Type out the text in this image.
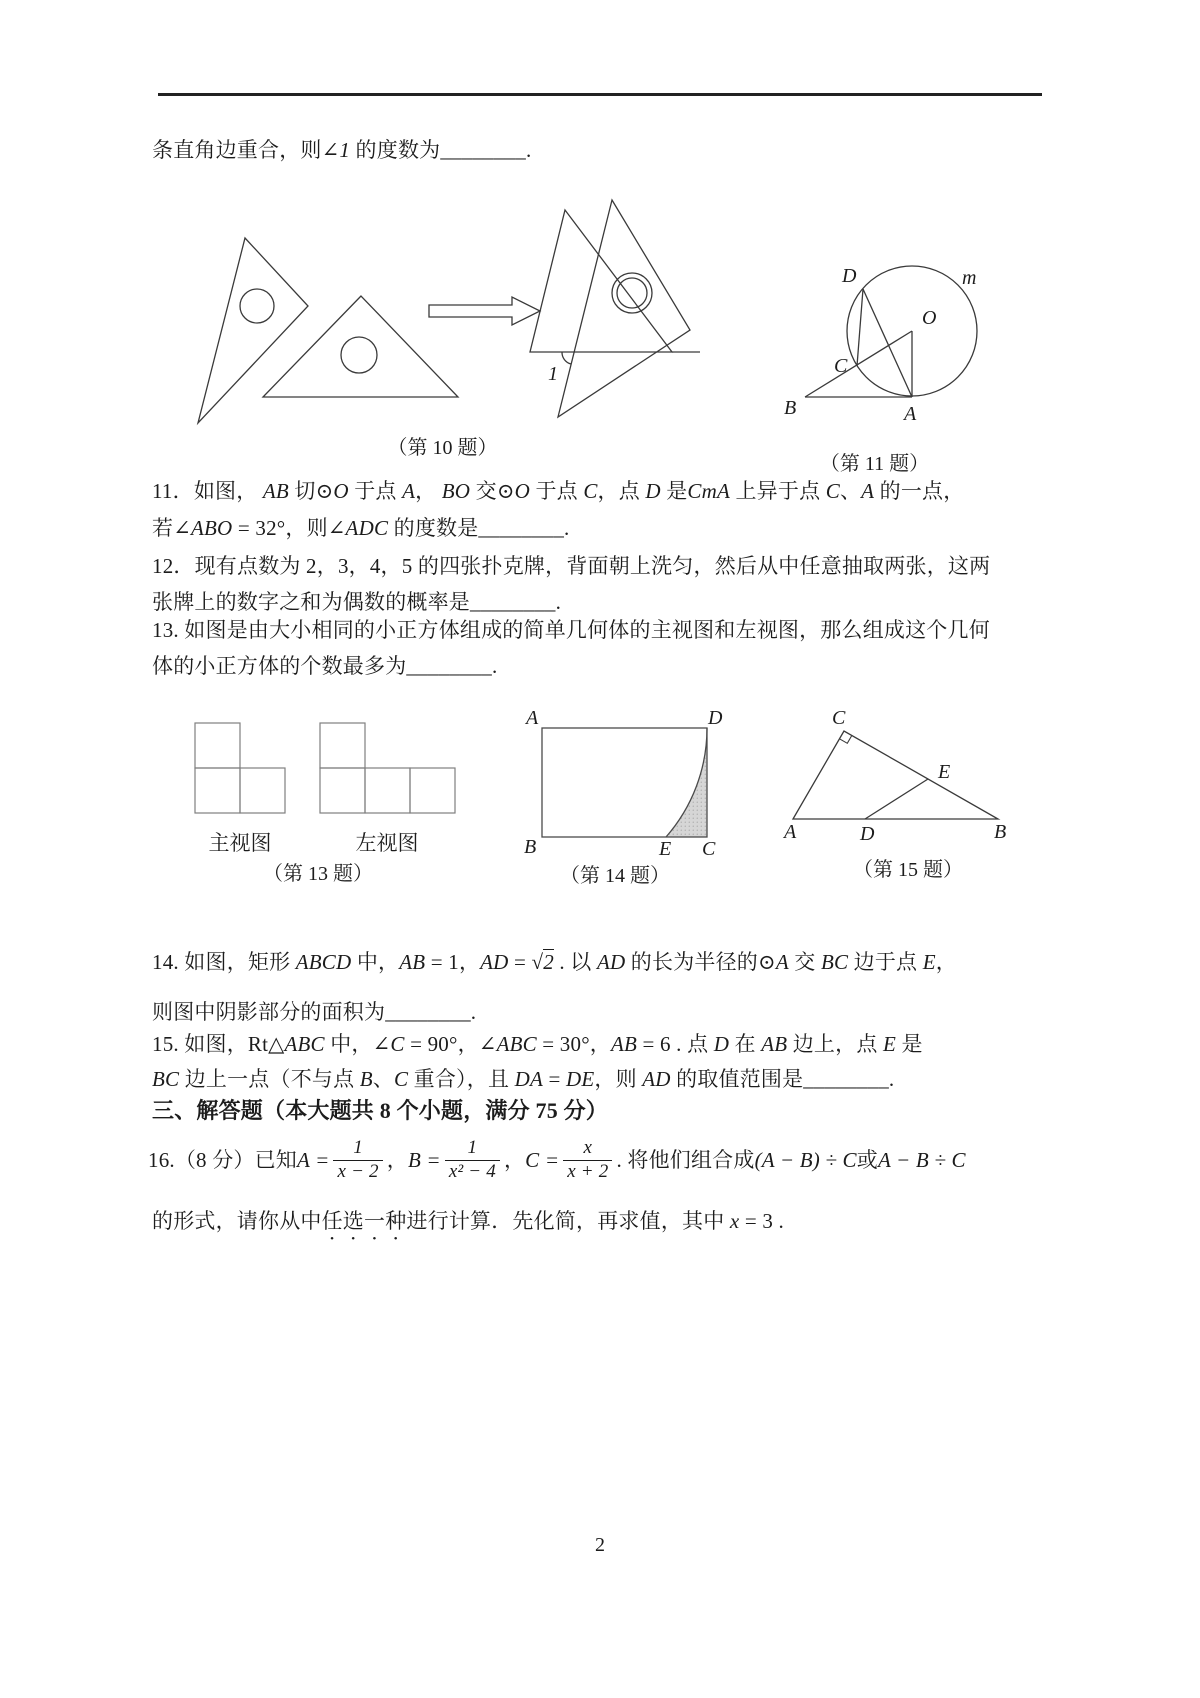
条直角边重合，则∠1 的度数为________.
1
（第 10 题）
D	m
O
C
B	A
（第 11 题）
11．如图， AB 切⊙O 于点 A， BO 交⊙O 于点 C，点 D 是CmA 上异于点 C、A 的一点，
若∠ABO = 32°，则∠ADC 的度数是________.
12．现有点数为 2，3，4，5 的四张扑克牌，背面朝上洗匀，然后从中任意抽取两张，这两
张牌上的数字之和为偶数的概率是________.
13. 如图是由大小相同的小正方体组成的简单几何体的主视图和左视图，那么组成这个几何
体的小正方体的个数最多为________.
主视图	左视图
（第 13 题）
A	D
B	E C
（第 14 题）
C
E
A	D	B
（第 15 题）
14. 如图，矩形 ABCD 中，AB = 1，AD = √2 . 以 AD 的长为半径的⊙A 交 BC 边于点 E，
则图中阴影部分的面积为________.
15. 如图，Rt△ABC 中，∠C = 90°，∠ABC = 30°，AB = 6 . 点 D 在 AB 边上，点 E 是
BC 边上一点（不与点 B、C 重合），且 DA = DE，则 AD 的取值范围是________.
三、解答题（本大题共 8 个小题，满分 75 分）
16.（8 分）已知 $A = \frac{1}{x - 2}$ ， $B = \frac{1}{\text{x² − 4}}$ ， $C = \frac{x}{x + 2}$ . 将他们组合成 (A − B) ÷ C 或 A − B ÷ C
的形式，请你从中任选一种进行计算．先化简，再求值，其中 x = 3 .
2
